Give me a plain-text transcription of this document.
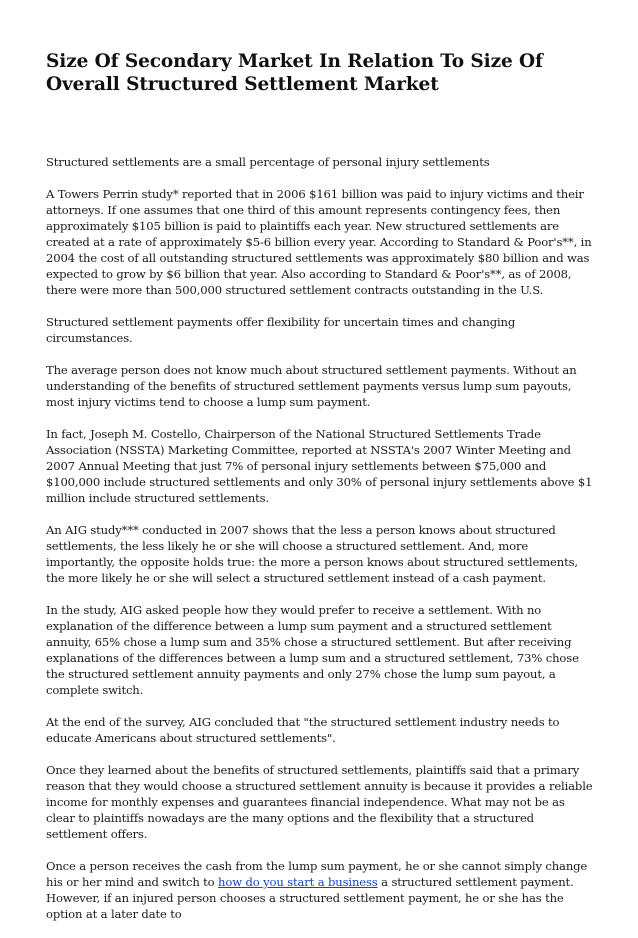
Size Of Secondary Market In Relation To Size Of Overall Structured Settlement Market

Structured settlements are a small percentage of personal injury settlements

A Towers Perrin study* reported that in 2006 $161 billion was paid to injury victims and their attorneys. If one assumes that one third of this amount represents contingency fees, then approximately $105 billion is paid to plaintiffs each year. New structured settlements are created at a rate of approximately $5-6 billion every year. According to Standard & Poor's**, in 2004 the cost of all outstanding structured settlements was approximately $80 billion and was expected to grow by $6 billion that year. Also according to Standard & Poor's**, as of 2008, there were more than 500,000 structured settlement contracts outstanding in the U.S.

Structured settlement payments offer flexibility for uncertain times and changing circumstances.

The average person does not know much about structured settlement payments. Without an understanding of the benefits of structured settlement payments versus lump sum payouts, most injury victims tend to choose a lump sum payment.

In fact, Joseph M. Costello, Chairperson of the National Structured Settlements Trade Association (NSSTA) Marketing Committee, reported at NSSTA's 2007 Winter Meeting and 2007 Annual Meeting that just 7% of personal injury settlements between $75,000 and $100,000 include structured settlements and only 30% of personal injury settlements above $1 million include structured settlements.

An AIG study*** conducted in 2007 shows that the less a person knows about structured settlements, the less likely he or she will choose a structured settlement. And, more importantly, the opposite holds true: the more a person knows about structured settlements, the more likely he or she will select a structured settlement instead of a cash payment.

In the study, AIG asked people how they would prefer to receive a settlement. With no explanation of the difference between a lump sum payment and a structured settlement annuity, 65% chose a lump sum and 35% chose a structured settlement. But after receiving explanations of the differences between a lump sum and a structured settlement, 73% chose the structured settlement annuity payments and only 27% chose the lump sum payout, a complete switch.

At the end of the survey, AIG concluded that "the structured settlement industry needs to educate Americans about structured settlements".

Once they learned about the benefits of structured settlements, plaintiffs said that a primary reason that they would choose a structured settlement annuity is because it provides a reliable income for monthly expenses and guarantees financial independence. What may not be as clear to plaintiffs nowadays are the many options and the flexibility that a structured settlement offers.

Once a person receives the cash from the lump sum payment, he or she cannot simply change his or her mind and switch to how do you start a business a structured settlement payment. However, if an injured person chooses a structured settlement payment, he or she has the option at a later date to
